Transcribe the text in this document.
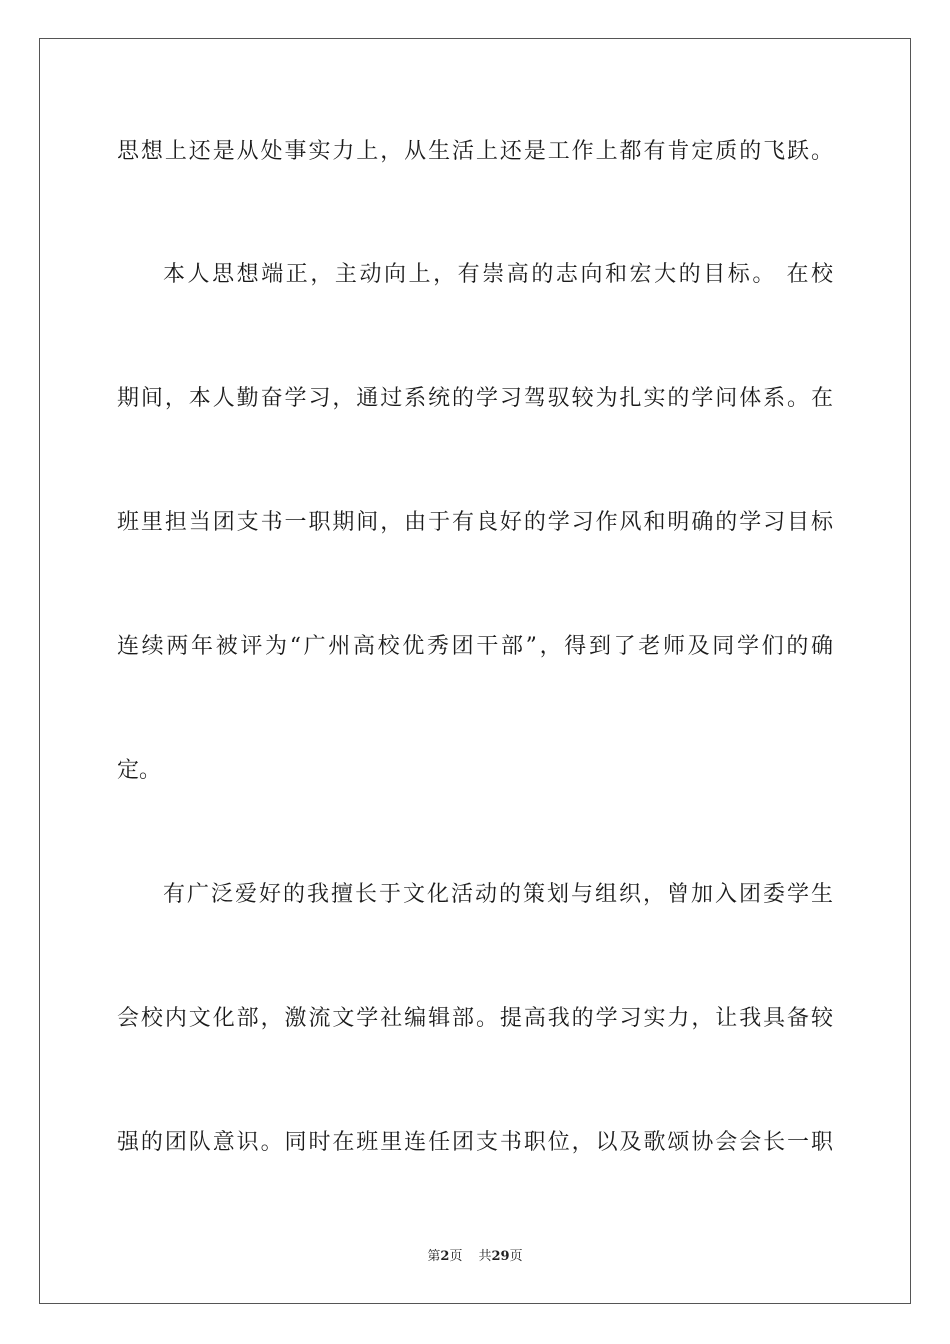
思想上还是从处事实力上，从生活上还是工作上都有肯定质的飞跃。
本人思想端正，主动向上，有崇高的志向和宏大的目标。 在校
期间，本人勤奋学习，通过系统的学习驾驭较为扎实的学问体系。在
班里担当团支书一职期间，由于有良好的学习作风和明确的学习目标
连续两年被评为“广州高校优秀团干部”，得到了老师及同学们的确
定。
有广泛爱好的我擅长于文化活动的策划与组织，曾加入团委学生
会校内文化部，激流文学社编辑部。提高我的学习实力，让我具备较
强的团队意识。同时在班里连任团支书职位，以及歌颂协会会长一职
第2页 共29页
